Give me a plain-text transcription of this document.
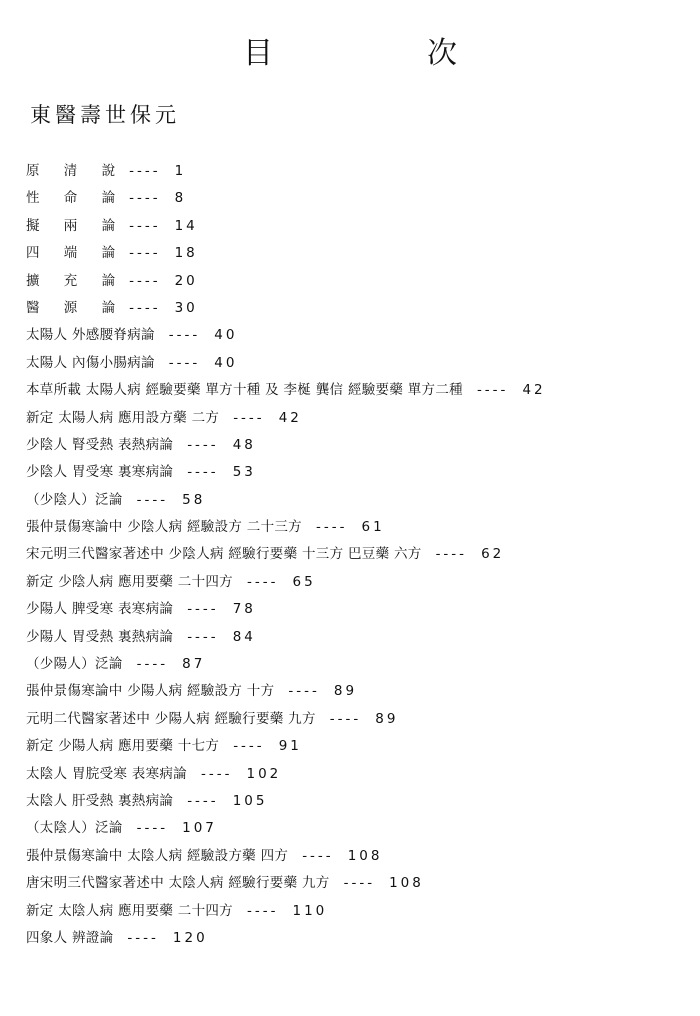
目　次
東醫壽世保元
原 清 說 ---- 1
性 命 論 ---- 8
擬 兩 論 ---- 14
四 端 論 ---- 18
擴 充 論 ---- 20
醫 源 論 ---- 30
太陽人 外感腰脊病論 ---- 40
太陽人 內傷小腸病論 ---- 40
本草所載 太陽人病 經驗要藥 單方十種 及 李梴 龔信 經驗要藥 單方二種 ---- 42
新定 太陽人病 應用設方藥 二方 ---- 42
少陰人 腎受熱 表熱病論 ---- 48
少陰人 胃受寒 裏寒病論 ---- 53
（少陰人）泛論 ---- 58
張仲景傷寒論中 少陰人病 經驗設方 二十三方 ---- 61
宋元明三代醫家著述中 少陰人病 經驗行要藥 十三方 巴豆藥 六方 ---- 62
新定 少陰人病 應用要藥 二十四方 ---- 65
少陽人 脾受寒 表寒病論 ---- 78
少陽人 胃受熱 裏熱病論 ---- 84
（少陽人）泛論 ---- 87
張仲景傷寒論中 少陽人病 經驗設方 十方 ---- 89
元明二代醫家著述中 少陽人病 經驗行要藥 九方 ---- 89
新定 少陽人病 應用要藥 十七方 ---- 91
太陰人 胃脘受寒 表寒病論 ---- 102
太陰人 肝受熱 裏熱病論 ---- 105
（太陰人）泛論 ---- 107
張仲景傷寒論中 太陰人病 經驗設方藥 四方 ---- 108
唐宋明三代醫家著述中 太陰人病 經驗行要藥 九方 ---- 108
新定 太陰人病 應用要藥 二十四方 ---- 110
四象人 辨證論 ---- 120
